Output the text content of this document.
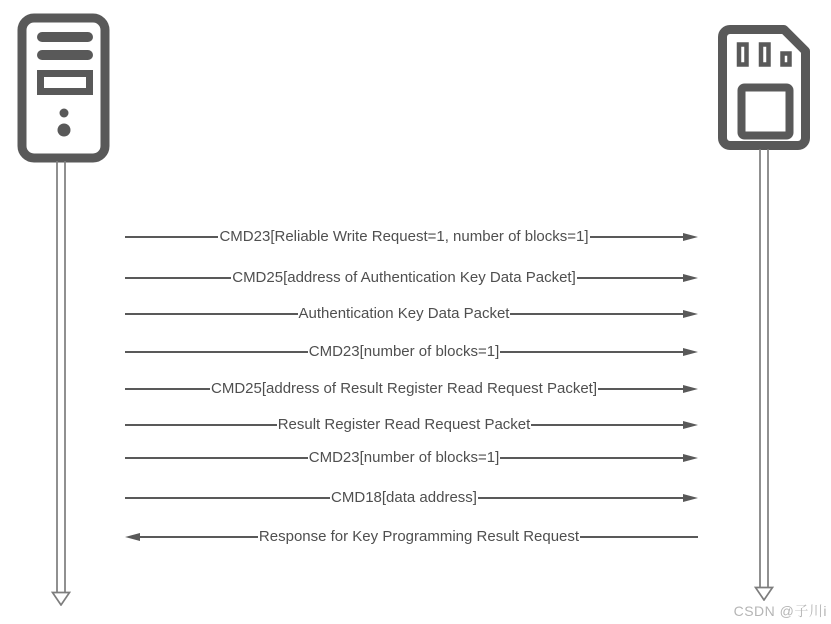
CMD23[Reliable Write Request=1, number of blocks=1]
CMD25[address of Authentication Key Data Packet]
Authentication Key Data Packet
CMD23[number of blocks=1]
CMD25[address of Result Register Read Request Packet]
Result Register Read Request Packet
CMD23[number of blocks=1]
CMD18[data address]
Response for Key Programming Result Request
CSDN @子川i
